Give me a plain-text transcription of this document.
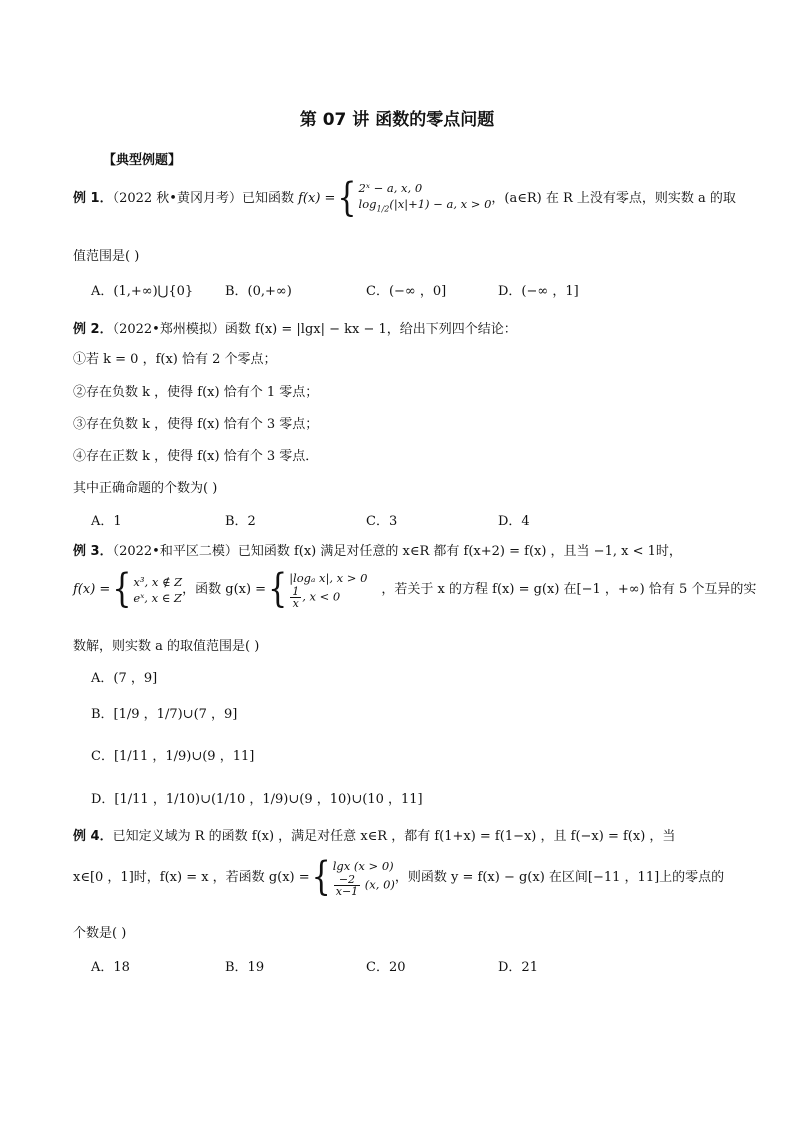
第 07 讲 函数的零点问题
【典型例题】
例 1．（2022 秋•黄冈月考）已知函数 f(x) ={ 2ˣ − a, x, 0
$\log_{1/2}(|x|+1) - a$, x > 0 ，(a∈R) 在 R 上没有零点，则实数 a 的取
值范围是( )
A．(1,+∞)⋃{0} B．(0,+∞)	C．(−∞ ，0]	D．(−∞ ，1]
例 2．（2022•郑州模拟）函数 f(x) = |lgx| − kx − 1，给出下列四个结论：
①若 k = 0 ，f(x) 恰有 2 个零点；
②存在负数 k ，使得 f(x) 恰有个 1 零点；
③存在负数 k ，使得 f(x) 恰有个 3 零点；
④存在正数 k ，使得 f(x) 恰有个 3 零点．
其中正确命题的个数为( )
A．1	B．2	C．3	D．4
例 3．（2022•和平区二模）已知函数 f(x) 满足对任意的 x∈R 都有 f(x+2) = f(x) ，且当 −1, x < 1时，
f(x) ={ x³, x ∉ Z
eˣ, x ∈ Z
，函数 g(x) ={ |logₐ x|, x > 0
$\frac{1}{x}$ , x < 0	，若关于 x 的方程 f(x) = g(x) 在[−1 ，+∞) 恰有 5 个互异的实
数解，则实数 a 的取值范围是( )
A．(7 ，9]
B．[1/9 ，1/7)∪(7 ，9]
C．[1/11 ，1/9)∪(9 ，11]
D．[1/11 ，1/10)∪(1/10 ，1/9)∪(9 ，10)∪(10 ，11]
例 4．已知定义域为 R 的函数 f(x) ，满足对任意 x∈R ，都有 f(1+x) = f(1−x) ，且 f(−x) = f(x) ，当
x∈[0 ，1]时，f(x) = x ，若函数 g(x) ={ lgx (x > 0)
$\frac{-2}{x-1} (x$, 0) ，则函数 y = f(x) − g(x) 在区间[−11 ，11]上的零点的
个数是( )
A．18	B．19	C．20	D．21
